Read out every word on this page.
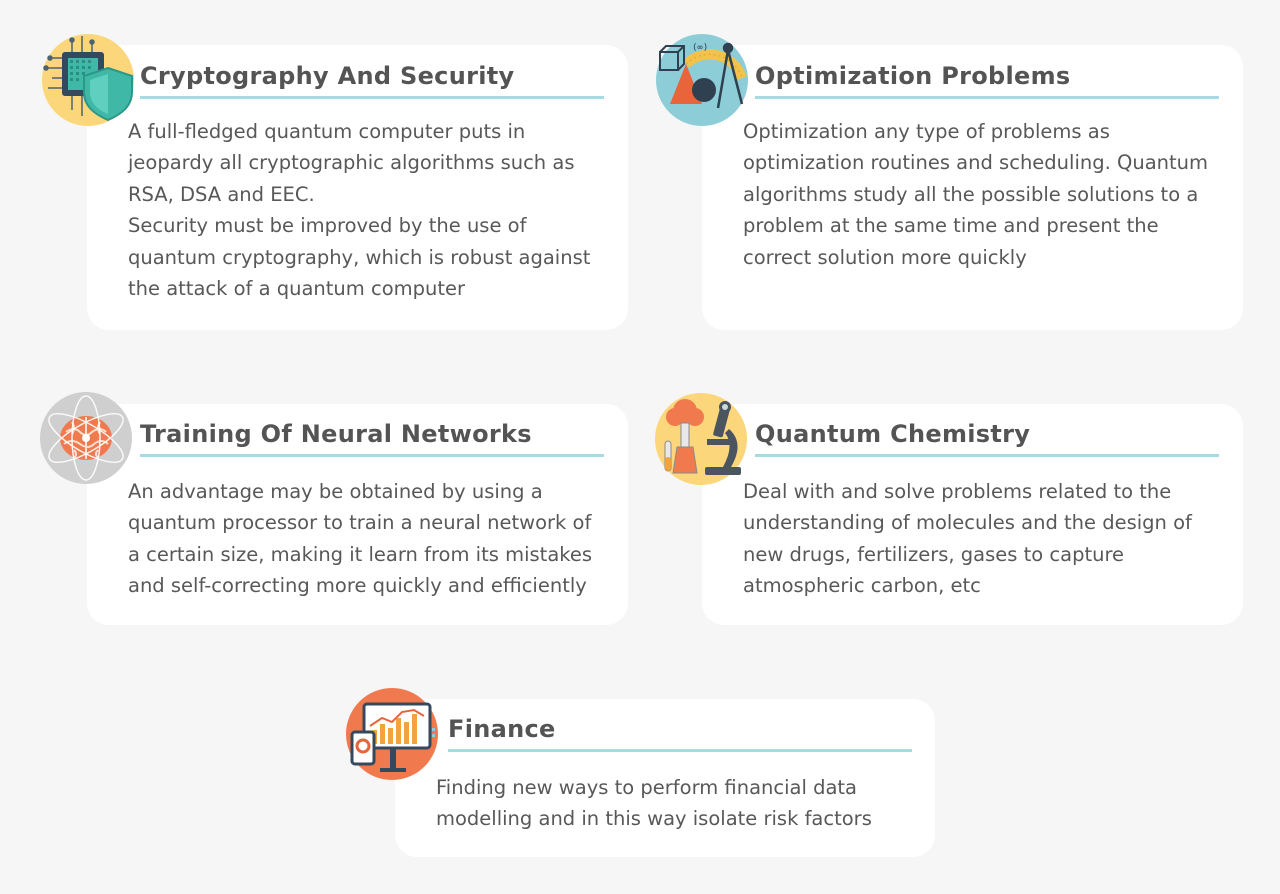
Cryptography And Security

A full-fledged quantum computer puts in

jeopardy all cryptographic algorithms such as

RSA, DSA and EEC.

Security must be improved by the use of

quantum cryptography, which is robust against

the attack of a quantum computer

Optimization Problems

Optimization any type of problems as

optimization routines and scheduling. Quantum

algorithms study all the possible solutions to a

problem at the same time and present the

correct solution more quickly

(∞)
Training Of Neural Networks

An advantage may be obtained by using a

quantum processor to train a neural network of

a certain size, making it learn from its mistakes

and self-correcting more quickly and efficiently

Quantum Chemistry

Deal with and solve problems related to the

understanding of molecules and the design of

new drugs, fertilizers, gases to capture

atmospheric carbon, etc

Finance

Finding new ways to perform financial data

modelling and in this way isolate risk factors
